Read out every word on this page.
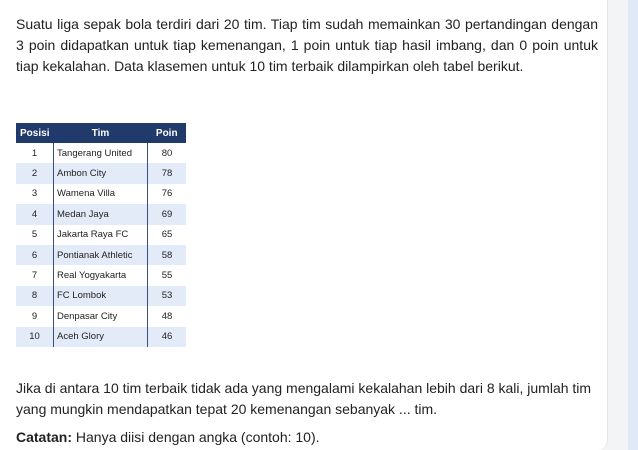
Suatu liga sepak bola terdiri dari 20 tim. Tiap tim sudah memainkan 30 pertandingan dengan 3 poin didapatkan untuk tiap kemenangan, 1 poin untuk tiap hasil imbang, dan 0 poin untuk tiap kekalahan. Data klasemen untuk 10 tim terbaik dilampirkan oleh tabel berikut.

Posisi	Tim	Poin
1	Tangerang United	80
2	Ambon City	78
3	Wamena Villa	76
4	Medan Jaya	69
5	Jakarta Raya FC	65
6	Pontianak Athletic	58
7	Real Yogyakarta	55
8	FC Lombok	53
9	Denpasar City	48
10	Aceh Glory	46

Jika di antara 10 tim terbaik tidak ada yang mengalami kekalahan lebih dari 8 kali, jumlah tim yang mungkin mendapatkan tepat 20 kemenangan sebanyak ... tim.

Catatan: Hanya diisi dengan angka (contoh: 10).
